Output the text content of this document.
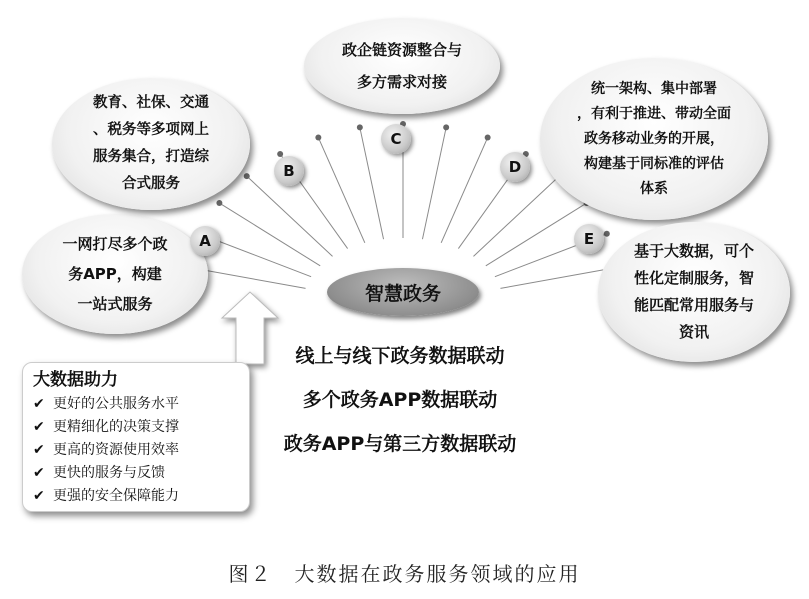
一网打尽多个政
务APP，构建
一站式服务
A
教育、社保、交通
、税务等多项网上
服务集合，打造综
合式服务
B
政企链资源整合与
多方需求对接
C
统一架构、集中部署
，有利于推进、带动全面
政务移动业务的开展，
构建基于同标准的评估
体系
D
基于大数据，可个
性化定制服务，智
能匹配常用服务与
资讯
E
智慧政务
线上与线下政务数据联动
多个政务APP数据联动
政务APP与第三方数据联动
大数据助力
✔ 更好的公共服务水平
✔ 更精细化的决策支撑
✔ 更高的资源使用效率
✔ 更快的服务与反馈
✔ 更强的安全保障能力
图２　大数据在政务服务领域的应用
